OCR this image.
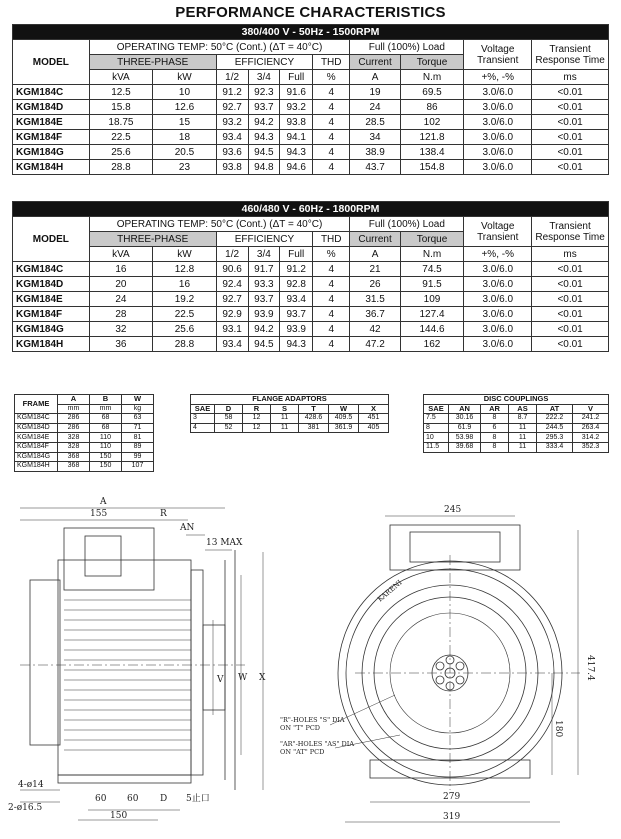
PERFORMANCE CHARACTERISTICS
380/400 V - 50Hz - 1500RPM										
MODEL	OPERATING TEMP: 50°C (Cont.) (ΔT = 40°C)						Full (100%) Load		Voltage Transient	Transient Response Time
	THREE-PHASE		EFFICIENCY			THD	Current	Torque		
	kVA	kW	1/2	3/4	Full	%	A	N.m	+%, -%	ms
KGM184C	12.5	10	91.2	92.3	91.6	4	19	69.5	3.0/6.0	<0.01
KGM184D	15.8	12.6	92.7	93.7	93.2	4	24	86	3.0/6.0	<0.01
KGM184E	18.75	15	93.2	94.2	93.8	4	28.5	102	3.0/6.0	<0.01
KGM184F	22.5	18	93.4	94.3	94.1	4	34	121.8	3.0/6.0	<0.01
KGM184G	25.6	20.5	93.6	94.5	94.3	4	38.9	138.4	3.0/6.0	<0.01
KGM184H	28.8	23	93.8	94.8	94.6	4	43.7	154.8	3.0/6.0	<0.01
460/480 V - 60Hz - 1800RPM										
MODEL	OPERATING TEMP: 50°C (Cont.) (ΔT = 40°C)						Full (100%) Load		Voltage Transient	Transient Response Time
	THREE-PHASE		EFFICIENCY			THD	Current	Torque		
	kVA	kW	1/2	3/4	Full	%	A	N.m	+%, -%	ms
KGM184C	16	12.8	90.6	91.7	91.2	4	21	74.5	3.0/6.0	<0.01
KGM184D	20	16	92.4	93.3	92.8	4	26	91.5	3.0/6.0	<0.01
KGM184E	24	19.2	92.7	93.7	93.4	4	31.5	109	3.0/6.0	<0.01
KGM184F	28	22.5	92.9	93.9	93.7	4	36.7	127.4	3.0/6.0	<0.01
KGM184G	32	25.6	93.1	94.2	93.9	4	42	144.6	3.0/6.0	<0.01
KGM184H	36	28.8	93.4	94.5	94.3	4	47.2	162	3.0/6.0	<0.01
FRAME	A	B	W
	mm	mm	kg
KGM184C	286	68	63
KGM184D	286	68	71
KGM184E	328	110	81
KGM184F	328	110	89
KGM184G	368	150	99
KGM184H	368	150	107
FLANGE ADAPTORS						
SAE	D	R	S	T	W	X
3	58	12	11	428.6	409.5	451
4	52	12	11	381	361.9	405
DISC COUPLINGS					
SAE	AN	AR	AS	AT	V
7.5	30.16	8	8.7	222.2	241.2
8	61.9	6	11	244.5	263.4
10	53.98	8	11	295.3	314.2
11.5	39.68	8	11	333.4	352.3
A
155	R
AN
13 MAX
V W X
4-ø14
2-ø16.5
60 60 D 5止口
150
245
417.4
180
279
319
"R"-HOLES "S" DIA
ON "T" PCD
"AR"-HOLES "AS" DIA
ON "AT" PCD
KARENI
